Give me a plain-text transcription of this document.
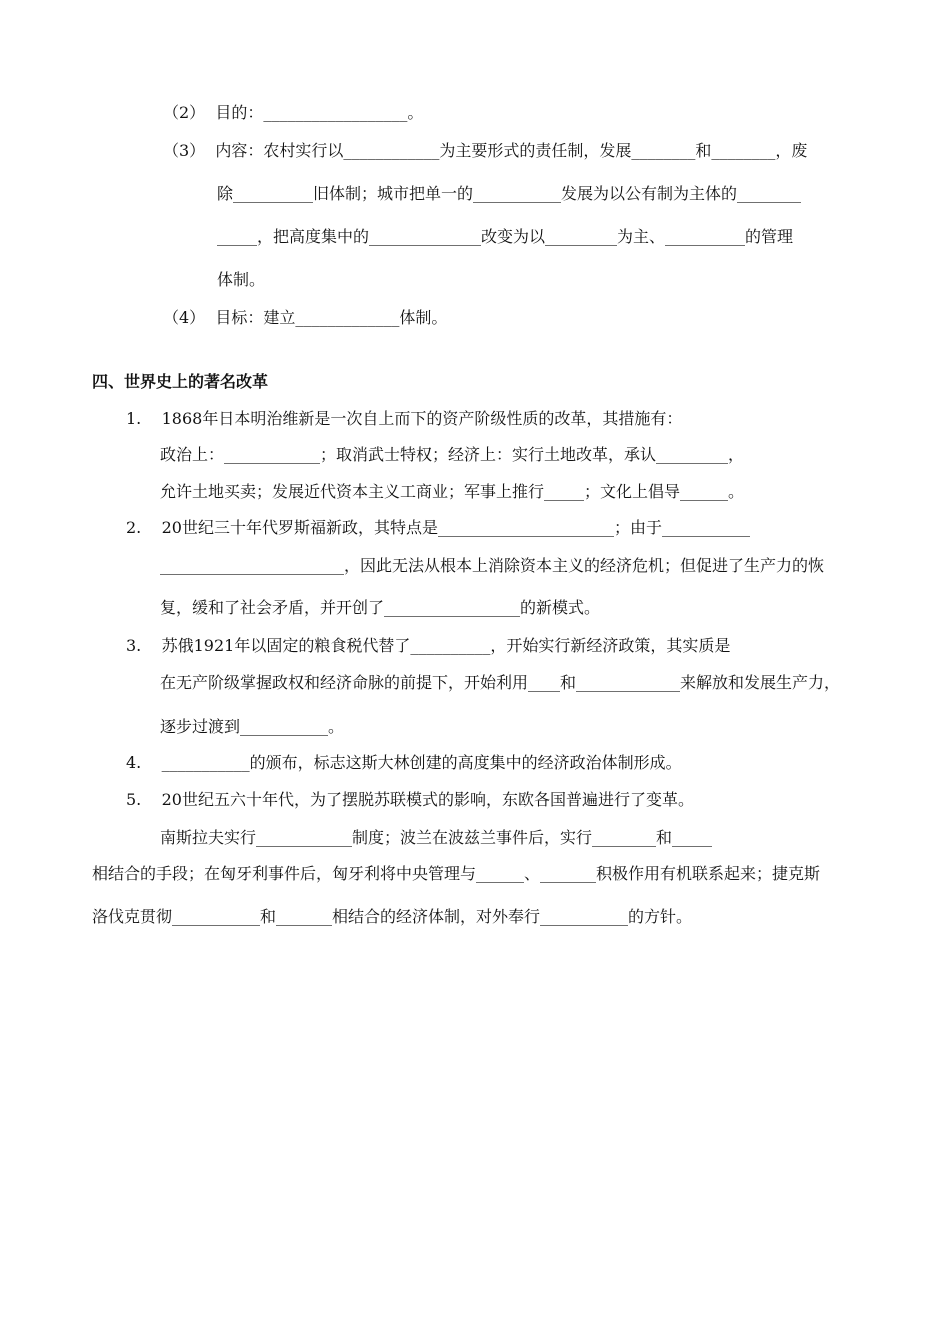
（2）  目的：__________________。
（3）  内容：农村实行以____________为主要形式的责任制，发展________和________，废
除__________旧体制；城市把单一的___________发展为以公有制为主体的________
_____，把高度集中的______________改变为以_________为主、__________的管理
体制。
（4）  目标：建立_____________体制。
四、世界史上的著名改革
1.    1868年日本明治维新是一次自上而下的资产阶级性质的改革，其措施有：
政治上：____________；取消武士特权；经济上：实行土地改革，承认_________，
允许土地买卖；发展近代资本主义工商业；军事上推行_____；文化上倡导______。
2.    20世纪三十年代罗斯福新政，其特点是______________________；由于___________
_______________________，因此无法从根本上消除资本主义的经济危机；但促进了生产力的恢
复，缓和了社会矛盾，并开创了_________________的新模式。
3.    苏俄1921年以固定的粮食税代替了__________，开始实行新经济政策，其实质是
在无产阶级掌握政权和经济命脉的前提下，开始利用____和_____________来解放和发展生产力，
逐步过渡到___________。
4.    ___________的颁布，标志这斯大林创建的高度集中的经济政治体制形成。
5.    20世纪五六十年代，为了摆脱苏联模式的影响，东欧各国普遍进行了变革。
南斯拉夫实行____________制度；波兰在波兹兰事件后，实行________和_____
相结合的手段；在匈牙利事件后，匈牙利将中央管理与______、_______积极作用有机联系起来；捷克斯
洛伐克贯彻___________和_______相结合的经济体制，对外奉行___________的方针。
